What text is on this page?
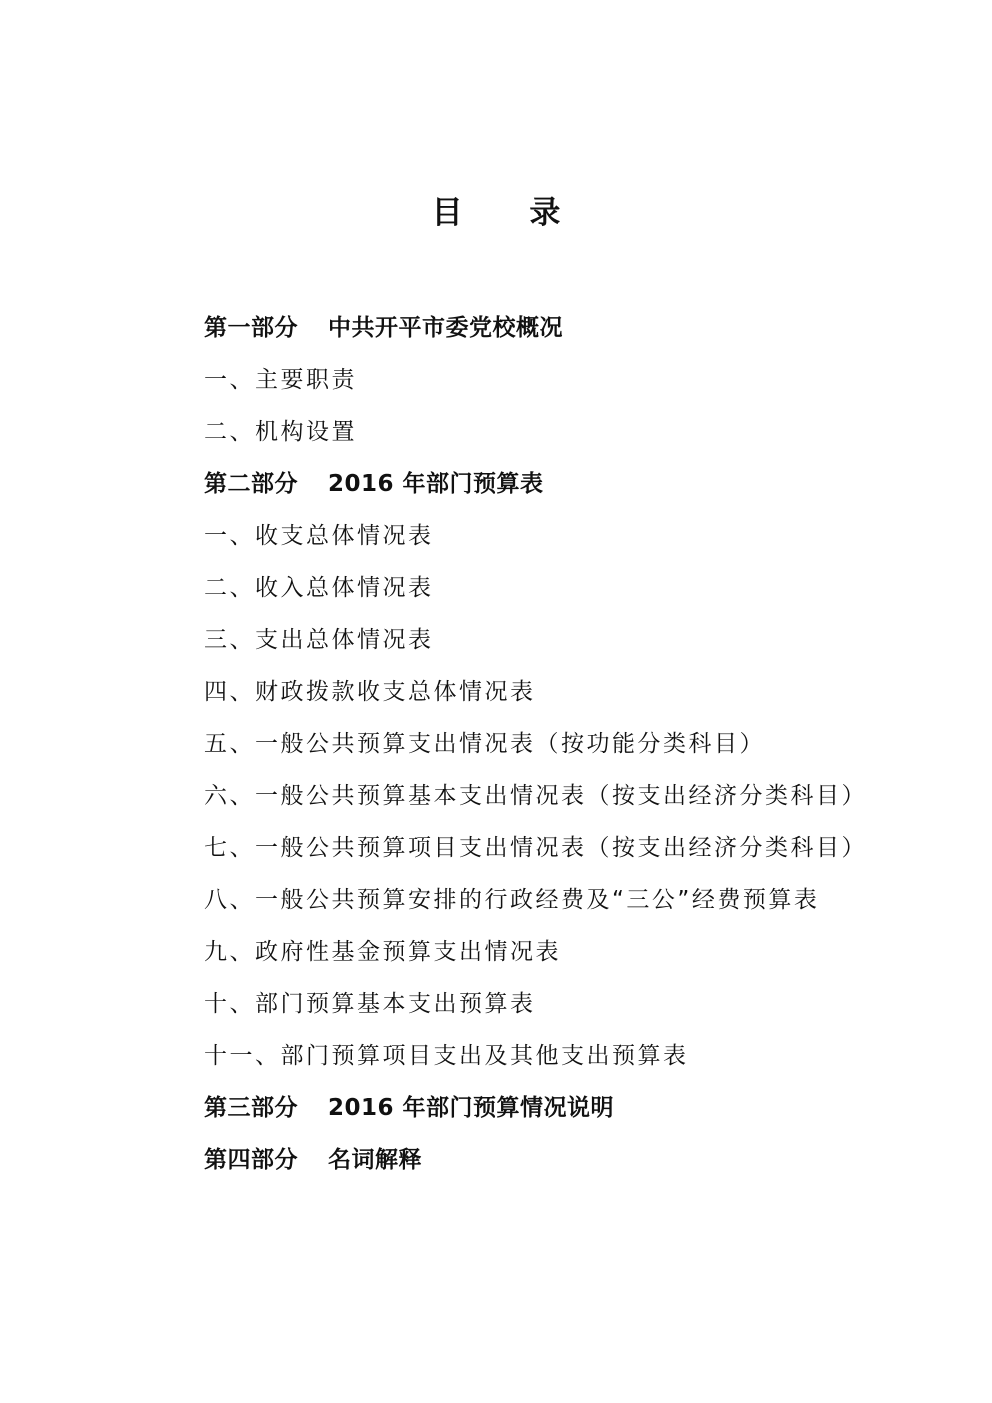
目 录
第一部分 中共开平市委党校概况
一、主要职责
二、机构设置
第二部分 2016 年部门预算表
一、收支总体情况表
二、收入总体情况表
三、支出总体情况表
四、财政拨款收支总体情况表
五、一般公共预算支出情况表（按功能分类科目）
六、一般公共预算基本支出情况表（按支出经济分类科目）
七、一般公共预算项目支出情况表（按支出经济分类科目）
八、一般公共预算安排的行政经费及“三公”经费预算表
九、政府性基金预算支出情况表
十、部门预算基本支出预算表
十一、部门预算项目支出及其他支出预算表
第三部分 2016 年部门预算情况说明
第四部分 名词解释
